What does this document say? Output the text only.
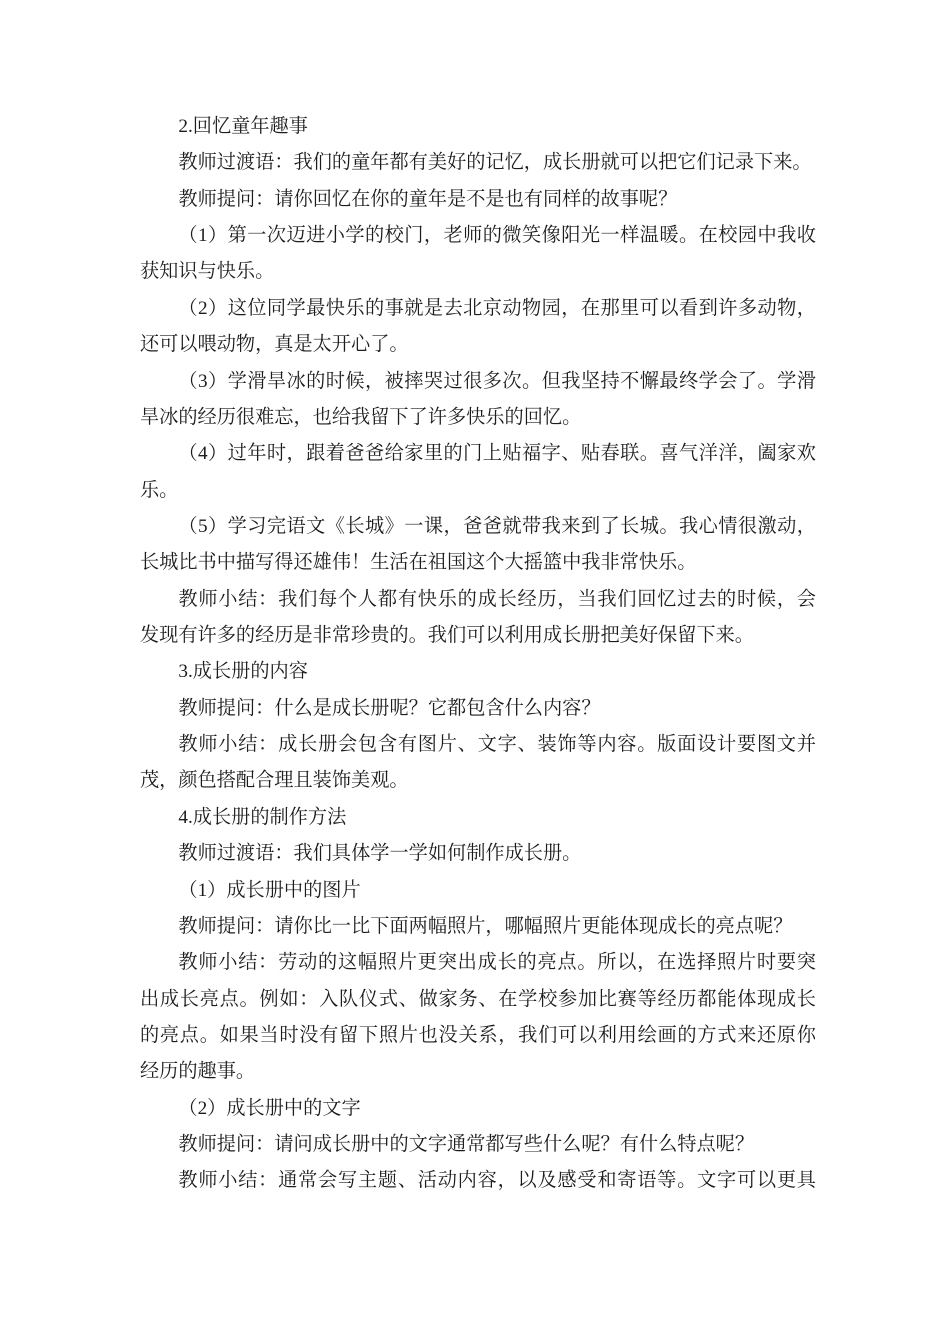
2.回忆童年趣事

教师过渡语：我们的童年都有美好的记忆，成长册就可以把它们记录下来。

教师提问：请你回忆在你的童年是不是也有同样的故事呢？

（1）第一次迈进小学的校门，老师的微笑像阳光一样温暖。在校园中我收

获知识与快乐。

（2）这位同学最快乐的事就是去北京动物园，在那里可以看到许多动物，

还可以喂动物，真是太开心了。

（3）学滑旱冰的时候，被摔哭过很多次。但我坚持不懈最终学会了。学滑

旱冰的经历很难忘，也给我留下了许多快乐的回忆。

（4）过年时，跟着爸爸给家里的门上贴福字、贴春联。喜气洋洋，阖家欢

乐。

（5）学习完语文《长城》一课，爸爸就带我来到了长城。我心情很激动，

长城比书中描写得还雄伟！生活在祖国这个大摇篮中我非常快乐。

教师小结：我们每个人都有快乐的成长经历，当我们回忆过去的时候，会

发现有许多的经历是非常珍贵的。我们可以利用成长册把美好保留下来。

3.成长册的内容

教师提问：什么是成长册呢？它都包含什么内容？

教师小结：成长册会包含有图片、文字、装饰等内容。版面设计要图文并

茂，颜色搭配合理且装饰美观。

4.成长册的制作方法

教师过渡语：我们具体学一学如何制作成长册。

（1）成长册中的图片

教师提问：请你比一比下面两幅照片，哪幅照片更能体现成长的亮点呢？

教师小结：劳动的这幅照片更突出成长的亮点。所以，在选择照片时要突

出成长亮点。例如：入队仪式、做家务、在学校参加比赛等经历都能体现成长

的亮点。如果当时没有留下照片也没关系，我们可以利用绘画的方式来还原你

经历的趣事。

（2）成长册中的文字

教师提问：请问成长册中的文字通常都写些什么呢？有什么特点呢？

教师小结：通常会写主题、活动内容，以及感受和寄语等。文字可以更具
